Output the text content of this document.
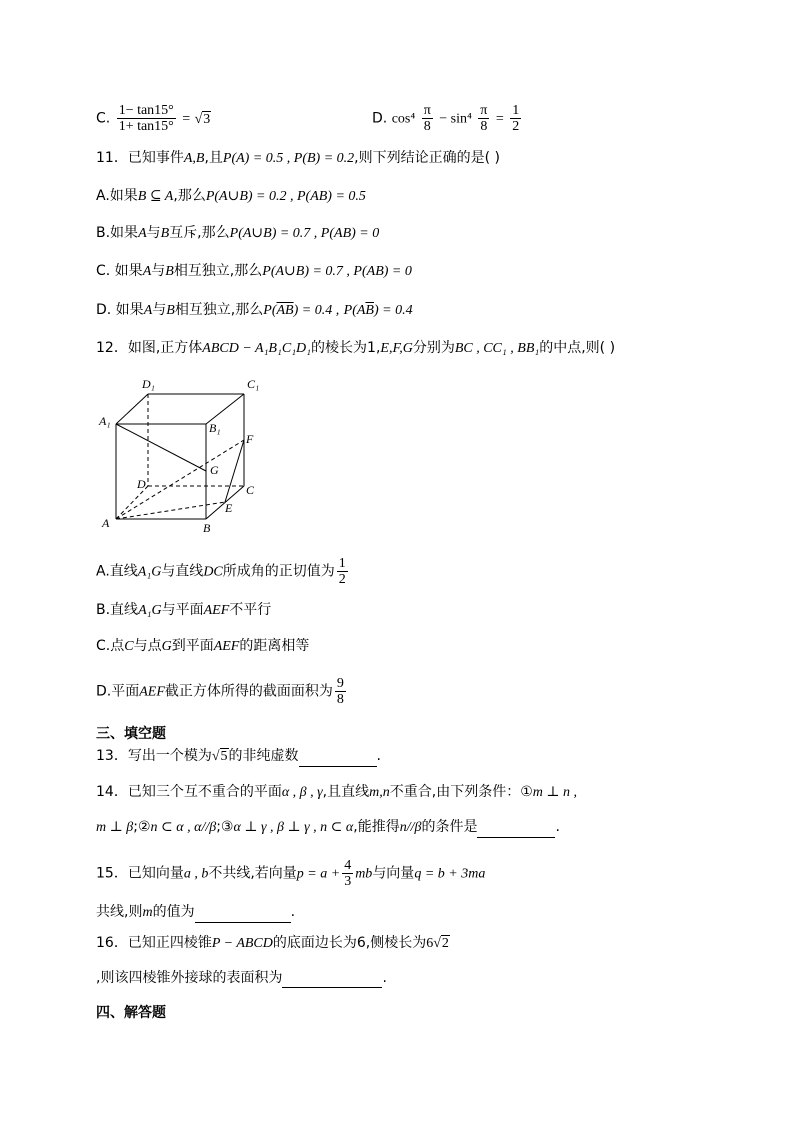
C. $\frac{1- \tan 15^\circ}{1+ \tan 15^\circ} = √3$	D. $\cos^4 \frac{\pi}{8} - \sin^4 \frac{\pi}{8} = \frac{1}{2}$
11．已知事件A,B,且P(A) = 0.5 , P(B) = 0.2,则下列结论正确的是( )
A.如果B ⊆ A,那么P(A∪B) = 0.2 , P(AB) = 0.5
B.如果A与B互斥,那么P(A∪B) = 0.7 , P(AB) = 0
C. 如果A与B相互独立,那么P(A∪B) = 0.7 , P(AB) = 0
D. 如果A与B相互独立,那么$P(\overline{AB}) = 0.4$ , $P(A\overline{B}) = 0.4$
12．如图,正方体ABCD − A₁B₁C₁D₁的棱长为1,E,F,G分别为BC , CC₁ , BB₁的中点,则( )
D₁	C₁
A₁	B₁
F
G
D	C
E
A	B
A.直线A₁G与直线DC所成角的正切值为 $\frac{1}{2}$
B.直线A₁G与平面AEF不平行
C.点C与点G到平面AEF的距离相等
D.平面AEF截正方体所得的截面面积为 $\frac{9}{8}$
三、填空题
13．写出一个模为√5的非纯虚数	.
14．已知三个互不重合的平面α , β , γ,且直线m,n不重合,由下列条件：①m ⊥ n ,
m ⊥ β;②n ⊂ α , α//β;③α ⊥ γ , β ⊥ γ , n ⊂ α,能推得n//β的条件是	.
15．已知向量a , b不共线,若向量$p = a + \frac{4}{3}$ mb与向量q = b + 3ma
共线,则m的值为	.
16．已知正四棱锥P − ABCD的底面边长为6,侧棱长为6√2
,则该四棱锥外接球的表面积为	.
四、解答题
